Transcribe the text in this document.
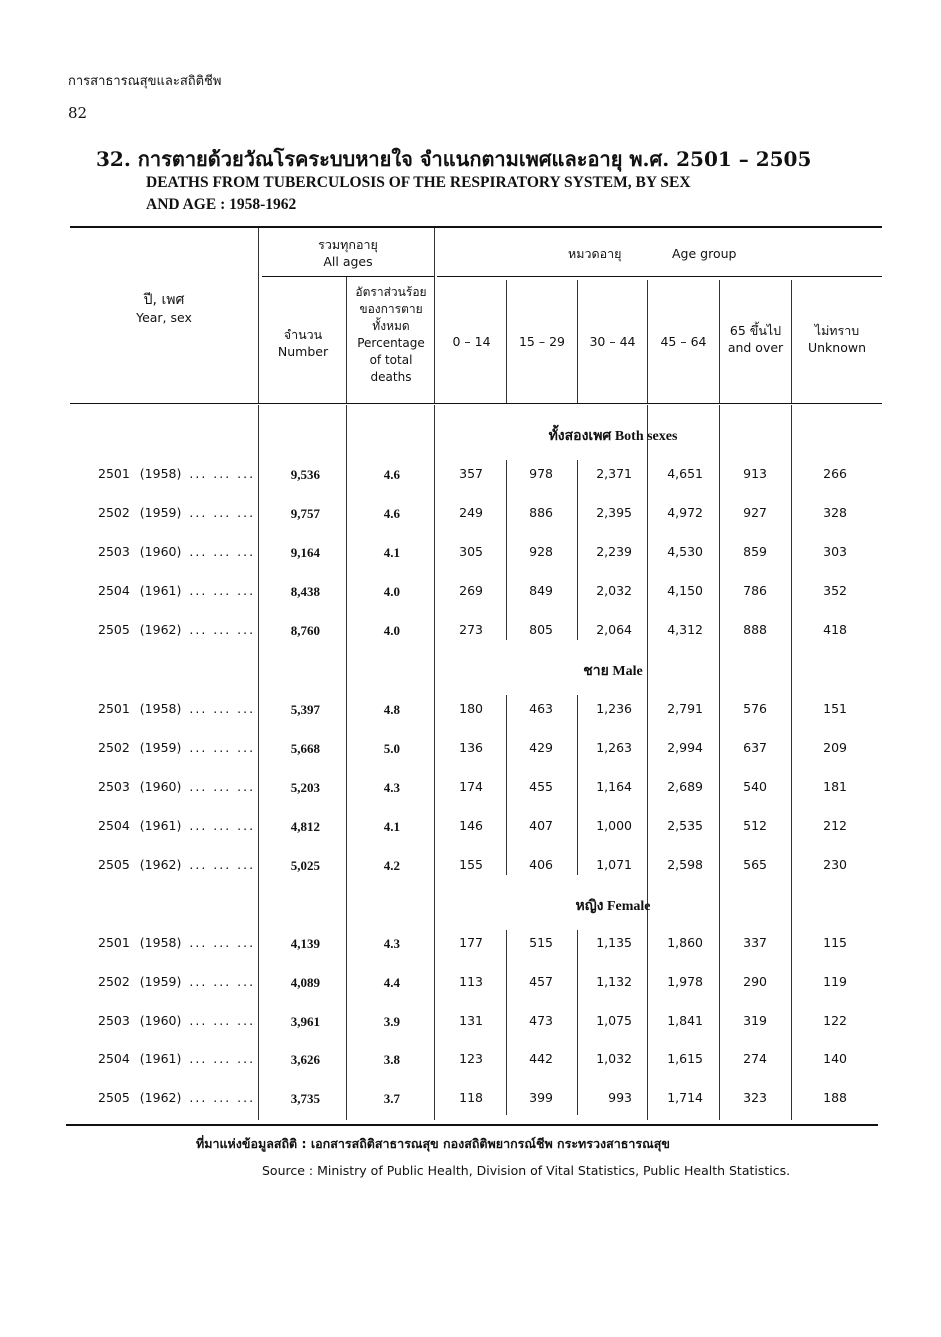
การสาธารณสุขและสถิติชีพ
82
32. การตายด้วยวัณโรคระบบหายใจ จำแนกตามเพศและอายุ พ.ศ. 2501 – 2505
DEATHS FROM TUBERCULOSIS OF THE RESPIRATORY SYSTEM, BY SEX
AND AGE : 1958-1962
ปี, เพศ
Year, sex
รวมทุกอายุ
All ages
หมวดอายุ	Age group
จำนวน
Number
อัตราส่วนร้อย
ของการตาย
ทั้งหมด
Percentage
of total
deaths
0 – 14	15 – 29	30 – 44	45 – 64
65 ขึ้นไป
and over
ไม่ทราบ
Unknown
ทั้งสองเพศ Both sexes
2501 (1958) ... ... ...	9,536	4.6	357	978	2,371	4,651	913	266
2502 (1959) ... ... ...	9,757	4.6	249	886	2,395	4,972	927	328
2503 (1960) ... ... ...	9,164	4.1	305	928	2,239	4,530	859	303
2504 (1961) ... ... ...	8,438	4.0	269	849	2,032	4,150	786	352
2505 (1962) ... ... ...	8,760	4.0	273	805	2,064	4,312	888	418
ชาย Male
2501 (1958) ... ... ...	5,397	4.8	180	463	1,236	2,791	576	151
2502 (1959) ... ... ...	5,668	5.0	136	429	1,263	2,994	637	209
2503 (1960) ... ... ...	5,203	4.3	174	455	1,164	2,689	540	181
2504 (1961) ... ... ...	4,812	4.1	146	407	1,000	2,535	512	212
2505 (1962) ... ... ...	5,025	4.2	155	406	1,071	2,598	565	230
หญิง Female
2501 (1958) ... ... ...	4,139	4.3	177	515	1,135	1,860	337	115
2502 (1959) ... ... ...	4,089	4.4	113	457	1,132	1,978	290	119
2503 (1960) ... ... ...	3,961	3.9	131	473	1,075	1,841	319	122
2504 (1961) ... ... ...	3,626	3.8	123	442	1,032	1,615	274	140
2505 (1962) ... ... ...	3,735	3.7	118	399	993	1,714	323	188
ที่มาแห่งข้อมูลสถิติ : เอกสารสถิติสาธารณสุข กองสถิติพยากรณ์ชีพ กระทรวงสาธารณสุข
Source : Ministry of Public Health, Division of Vital Statistics, Public Health Statistics.
